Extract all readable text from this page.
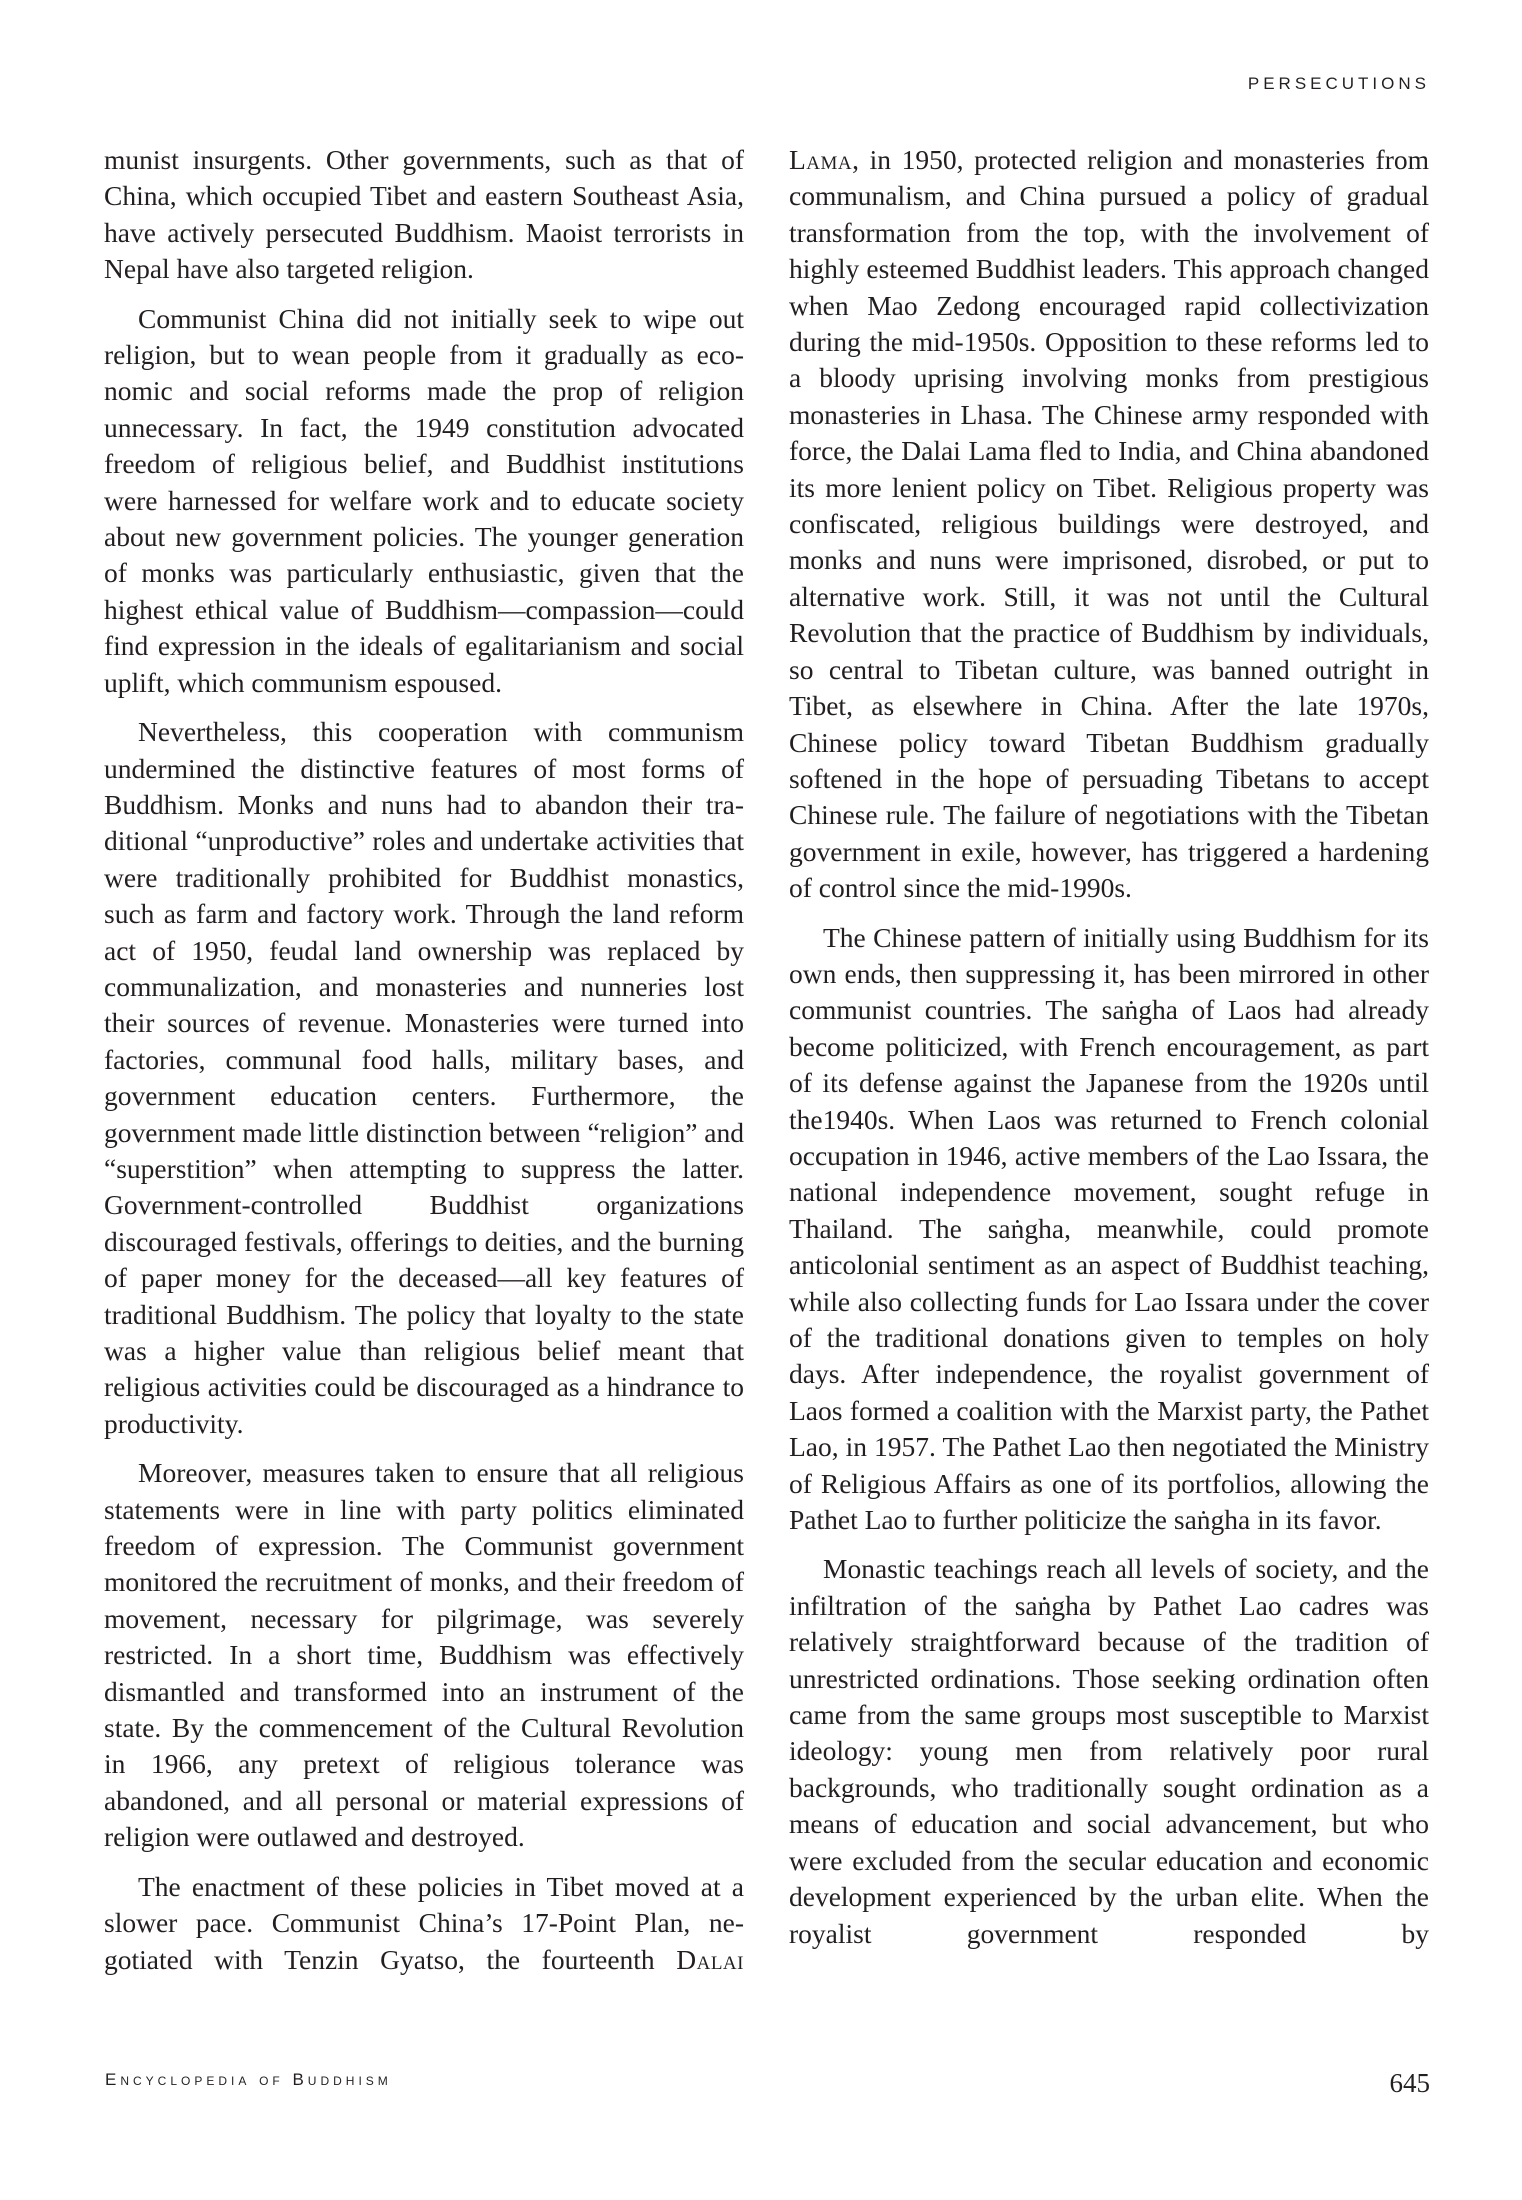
PERSECUTIONS

munist insurgents. Other governments, such as that of China, which occupied Tibet and eastern Southeast Asia, have actively persecuted Buddhism. Maoist terrorists in Nepal have also targeted religion.

Communist China did not initially seek to wipe out religion, but to wean people from it gradually as economic and social reforms made the prop of religion unnecessary. In fact, the 1949 constitution advocated freedom of religious belief, and Buddhist institutions were harnessed for welfare work and to educate society about new government policies. The younger generation of monks was particularly enthusiastic, given that the highest ethical value of Buddhism—compassion—could find expression in the ideals of egalitarianism and social uplift, which communism espoused.

Nevertheless, this cooperation with communism undermined the distinctive features of most forms of Buddhism. Monks and nuns had to abandon their traditional “unproductive” roles and undertake activities that were traditionally prohibited for Buddhist monastics, such as farm and factory work. Through the land reform act of 1950, feudal land ownership was replaced by communalization, and monasteries and nunneries lost their sources of revenue. Monasteries were turned into factories, communal food halls, military bases, and government education centers. Furthermore, the government made little distinction between “religion” and “superstition” when attempting to suppress the latter. Government-controlled Buddhist organizations discouraged festivals, offerings to deities, and the burning of paper money for the deceased—all key features of traditional Buddhism. The policy that loyalty to the state was a higher value than religious belief meant that religious activities could be discouraged as a hindrance to productivity.

Moreover, measures taken to ensure that all religious statements were in line with party politics eliminated freedom of expression. The Communist government monitored the recruitment of monks, and their freedom of movement, necessary for pilgrimage, was severely restricted. In a short time, Buddhism was effectively dismantled and transformed into an instrument of the state. By the commencement of the Cultural Revolution in 1966, any pretext of religious tolerance was abandoned, and all personal or material expressions of religion were outlawed and destroyed.

The enactment of these policies in Tibet moved at a slower pace. Communist China’s 17-Point Plan, negotiated with Tenzin Gyatso, the fourteenth Dalai

Lama, in 1950, protected religion and monasteries from communalism, and China pursued a policy of gradual transformation from the top, with the involvement of highly esteemed Buddhist leaders. This approach changed when Mao Zedong encouraged rapid collectivization during the mid-1950s. Opposition to these reforms led to a bloody uprising involving monks from prestigious monasteries in Lhasa. The Chinese army responded with force, the Dalai Lama fled to India, and China abandoned its more lenient policy on Tibet. Religious property was confiscated, religious buildings were destroyed, and monks and nuns were imprisoned, disrobed, or put to alternative work. Still, it was not until the Cultural Revolution that the practice of Buddhism by individuals, so central to Tibetan culture, was banned outright in Tibet, as elsewhere in China. After the late 1970s, Chinese policy toward Tibetan Buddhism gradually softened in the hope of persuading Tibetans to accept Chinese rule. The failure of negotiations with the Tibetan government in exile, however, has triggered a hardening of control since the mid-1990s.

The Chinese pattern of initially using Buddhism for its own ends, then suppressing it, has been mirrored in other communist countries. The saṅgha of Laos had already become politicized, with French encouragement, as part of its defense against the Japanese from the 1920s until the1940s. When Laos was returned to French colonial occupation in 1946, active members of the Lao Issara, the national independence movement, sought refuge in Thailand. The saṅgha, meanwhile, could promote anticolonial sentiment as an aspect of Buddhist teaching, while also collecting funds for Lao Issara under the cover of the traditional donations given to temples on holy days. After independence, the royalist government of Laos formed a coalition with the Marxist party, the Pathet Lao, in 1957. The Pathet Lao then negotiated the Ministry of Religious Affairs as one of its portfolios, allowing the Pathet Lao to further politicize the saṅgha in its favor.

Monastic teachings reach all levels of society, and the infiltration of the saṅgha by Pathet Lao cadres was relatively straightforward because of the tradition of unrestricted ordinations. Those seeking ordination often came from the same groups most susceptible to Marxist ideology: young men from relatively poor rural backgrounds, who traditionally sought ordination as a means of education and social advancement, but who were excluded from the secular education and economic development experienced by the urban elite. When the royalist government responded by

Encyclopedia of Buddhism	645
